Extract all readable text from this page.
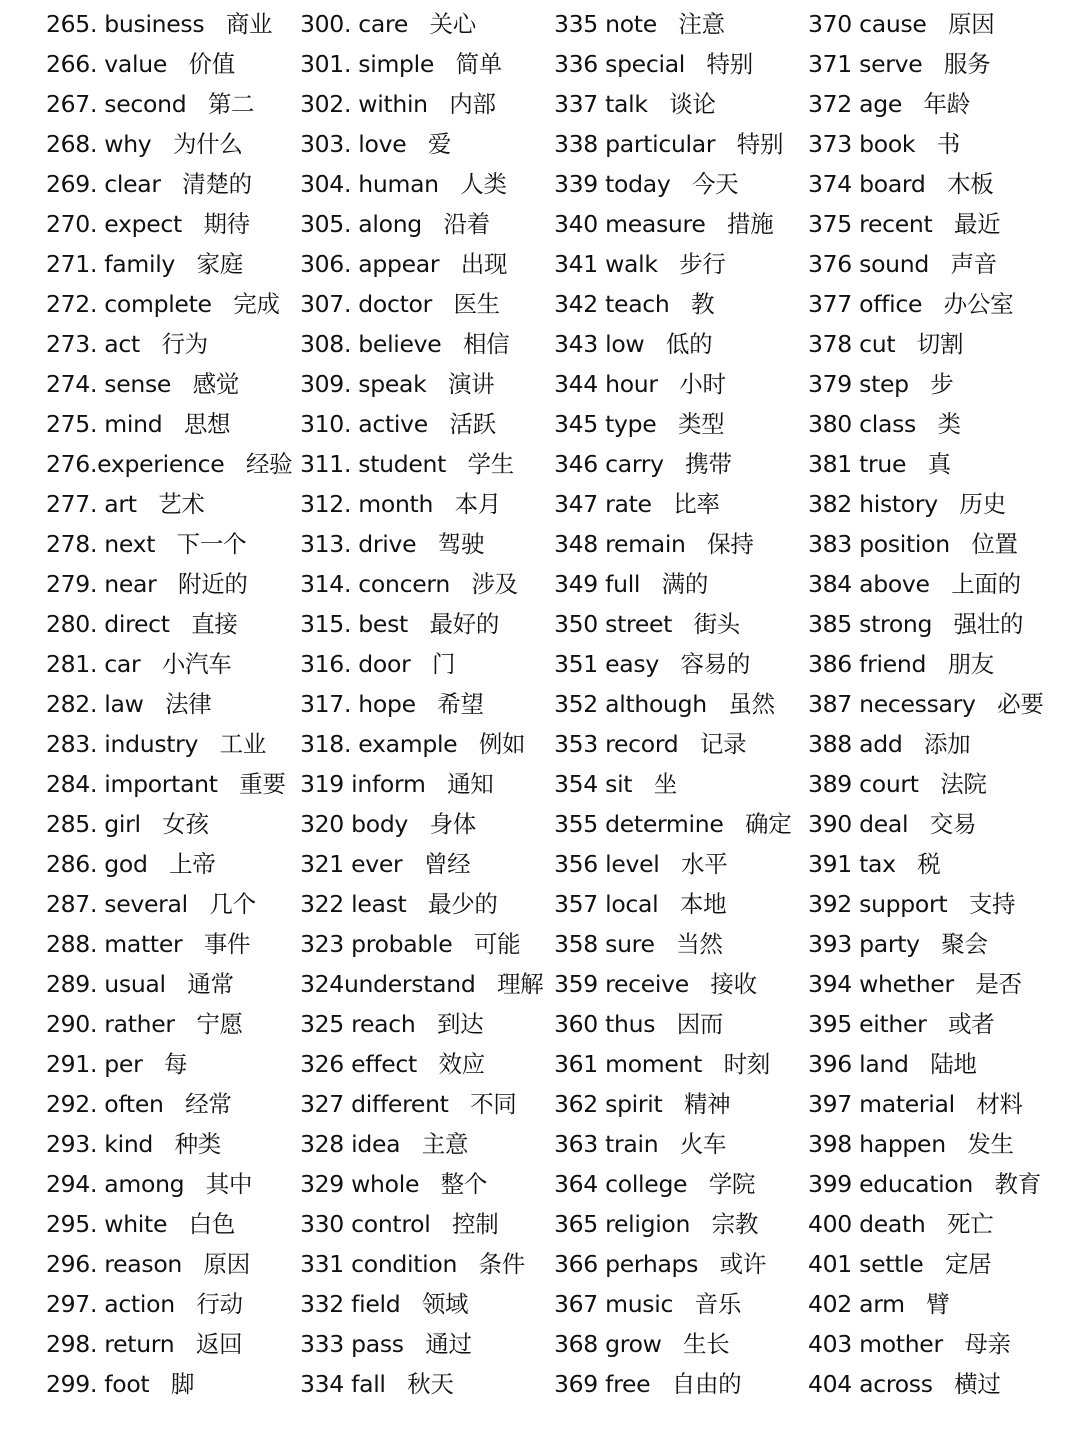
265. business 商业
266. value 价值
267. second 第二
268. why 为什么
269. clear 清楚的
270. expect 期待
271. family 家庭
272. complete 完成
273. act 行为
274. sense 感觉
275. mind 思想
276.experience 经验
277. art 艺术
278. next 下一个
279. near 附近的
280. direct 直接
281. car 小汽车
282. law 法律
283. industry 工业
284. important 重要
285. girl 女孩
286. god 上帝
287. several 几个
288. matter 事件
289. usual 通常
290. rather 宁愿
291. per 每
292. often 经常
293. kind 种类
294. among 其中
295. white 白色
296. reason 原因
297. action 行动
298. return 返回
299. foot 脚
300. care 关心
301. simple 简单
302. within 内部
303. love 爱
304. human 人类
305. along 沿着
306. appear 出现
307. doctor 医生
308. believe 相信
309. speak 演讲
310. active 活跃
311. student 学生
312. month 本月
313. drive 驾驶
314. concern 涉及
315. best 最好的
316. door 门
317. hope 希望
318. example 例如
319 inform 通知
320 body 身体
321 ever 曾经
322 least 最少的
323 probable 可能
324understand 理解
325 reach 到达
326 effect 效应
327 different 不同
328 idea 主意
329 whole 整个
330 control 控制
331 condition 条件
332 field 领域
333 pass 通过
334 fall 秋天
335 note 注意
336 special 特别
337 talk 谈论
338 particular 特别
339 today 今天
340 measure 措施
341 walk 步行
342 teach 教
343 low 低的
344 hour 小时
345 type 类型
346 carry 携带
347 rate 比率
348 remain 保持
349 full 满的
350 street 街头
351 easy 容易的
352 although 虽然
353 record 记录
354 sit 坐
355 determine 确定
356 level 水平
357 local 本地
358 sure 当然
359 receive 接收
360 thus 因而
361 moment 时刻
362 spirit 精神
363 train 火车
364 college 学院
365 religion 宗教
366 perhaps 或许
367 music 音乐
368 grow 生长
369 free 自由的
370 cause 原因
371 serve 服务
372 age 年龄
373 book 书
374 board 木板
375 recent 最近
376 sound 声音
377 office 办公室
378 cut 切割
379 step 步
380 class 类
381 true 真
382 history 历史
383 position 位置
384 above 上面的
385 strong 强壮的
386 friend 朋友
387 necessary 必要
388 add 添加
389 court 法院
390 deal 交易
391 tax 税
392 support 支持
393 party 聚会
394 whether 是否
395 either 或者
396 land 陆地
397 material 材料
398 happen 发生
399 education 教育
400 death 死亡
401 settle 定居
402 arm 臂
403 mother 母亲
404 across 横过
